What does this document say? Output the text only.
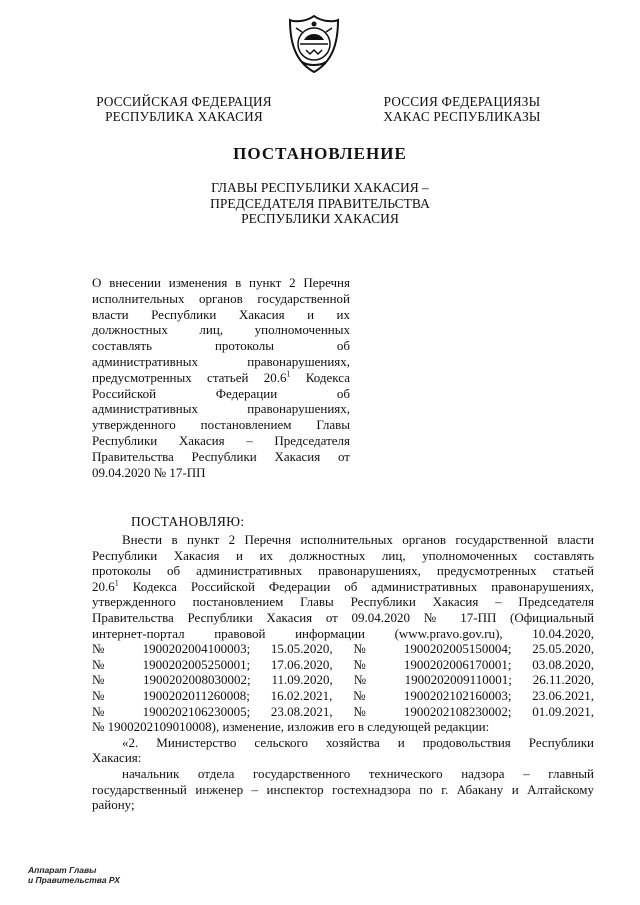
РОССИЙСКАЯ ФЕДЕРАЦИЯ
РЕСПУБЛИКА ХАКАСИЯ
РОССИЯ ФЕДЕРАЦИЯЗЫ
ХАКАС РЕСПУБЛИКАЗЫ
ПОСТАНОВЛЕНИЕ
ГЛАВЫ РЕСПУБЛИКИ ХАКАСИЯ –
ПРЕДСЕДАТЕЛЯ ПРАВИТЕЛЬСТВА
РЕСПУБЛИКИ ХАКАСИЯ
О внесении изменения в пункт 2 Перечня
исполнительных органов государственной
власти Республики Хакасия и их
должностных лиц, уполномоченных
составлять протоколы об
административных правонарушениях,
предусмотренных статьей 20.6$^1$ Кодекса
Российской Федерации об
административных правонарушениях,
утвержденного постановлением Главы
Республики Хакасия – Председателя
Правительства Республики Хакасия от
09.04.2020 № 17-ПП
ПОСТАНОВЛЯЮ:
Внести в пункт 2 Перечня исполнительных органов государственной власти
Республики Хакасия и их должностных лиц, уполномоченных составлять
протоколы об административных правонарушениях, предусмотренных статьей
20.6$^1$ Кодекса Российской Федерации об административных правонарушениях,
утвержденного постановлением Главы Республики Хакасия – Председателя
Правительства Республики Хакасия от 09.04.2020 № 17-ПП (Официальный
интернет-портал правовой информации (www.pravo.gov.ru), 10.04.2020,
№ 1900202004100003; 15.05.2020, № 1900202005150004; 25.05.2020,
№ 1900202005250001; 17.06.2020, № 1900202006170001; 03.08.2020,
№ 1900202008030002; 11.09.2020, № 1900202009110001; 26.11.2020,
№ 1900202011260008; 16.02.2021, № 1900202102160003; 23.06.2021,
№ 1900202106230005; 23.08.2021, № 1900202108230002; 01.09.2021,
№ 1900202109010008), изменение, изложив его в следующей редакции:
«2. Министерство сельского хозяйства и продовольствия Республики
Хакасия:
начальник отдела государственного технического надзора – главный
государственный инженер – инспектор гостехнадзора по г. Абакану и Алтайскому
району;
Аппарат Главы
и Правительства РХ
